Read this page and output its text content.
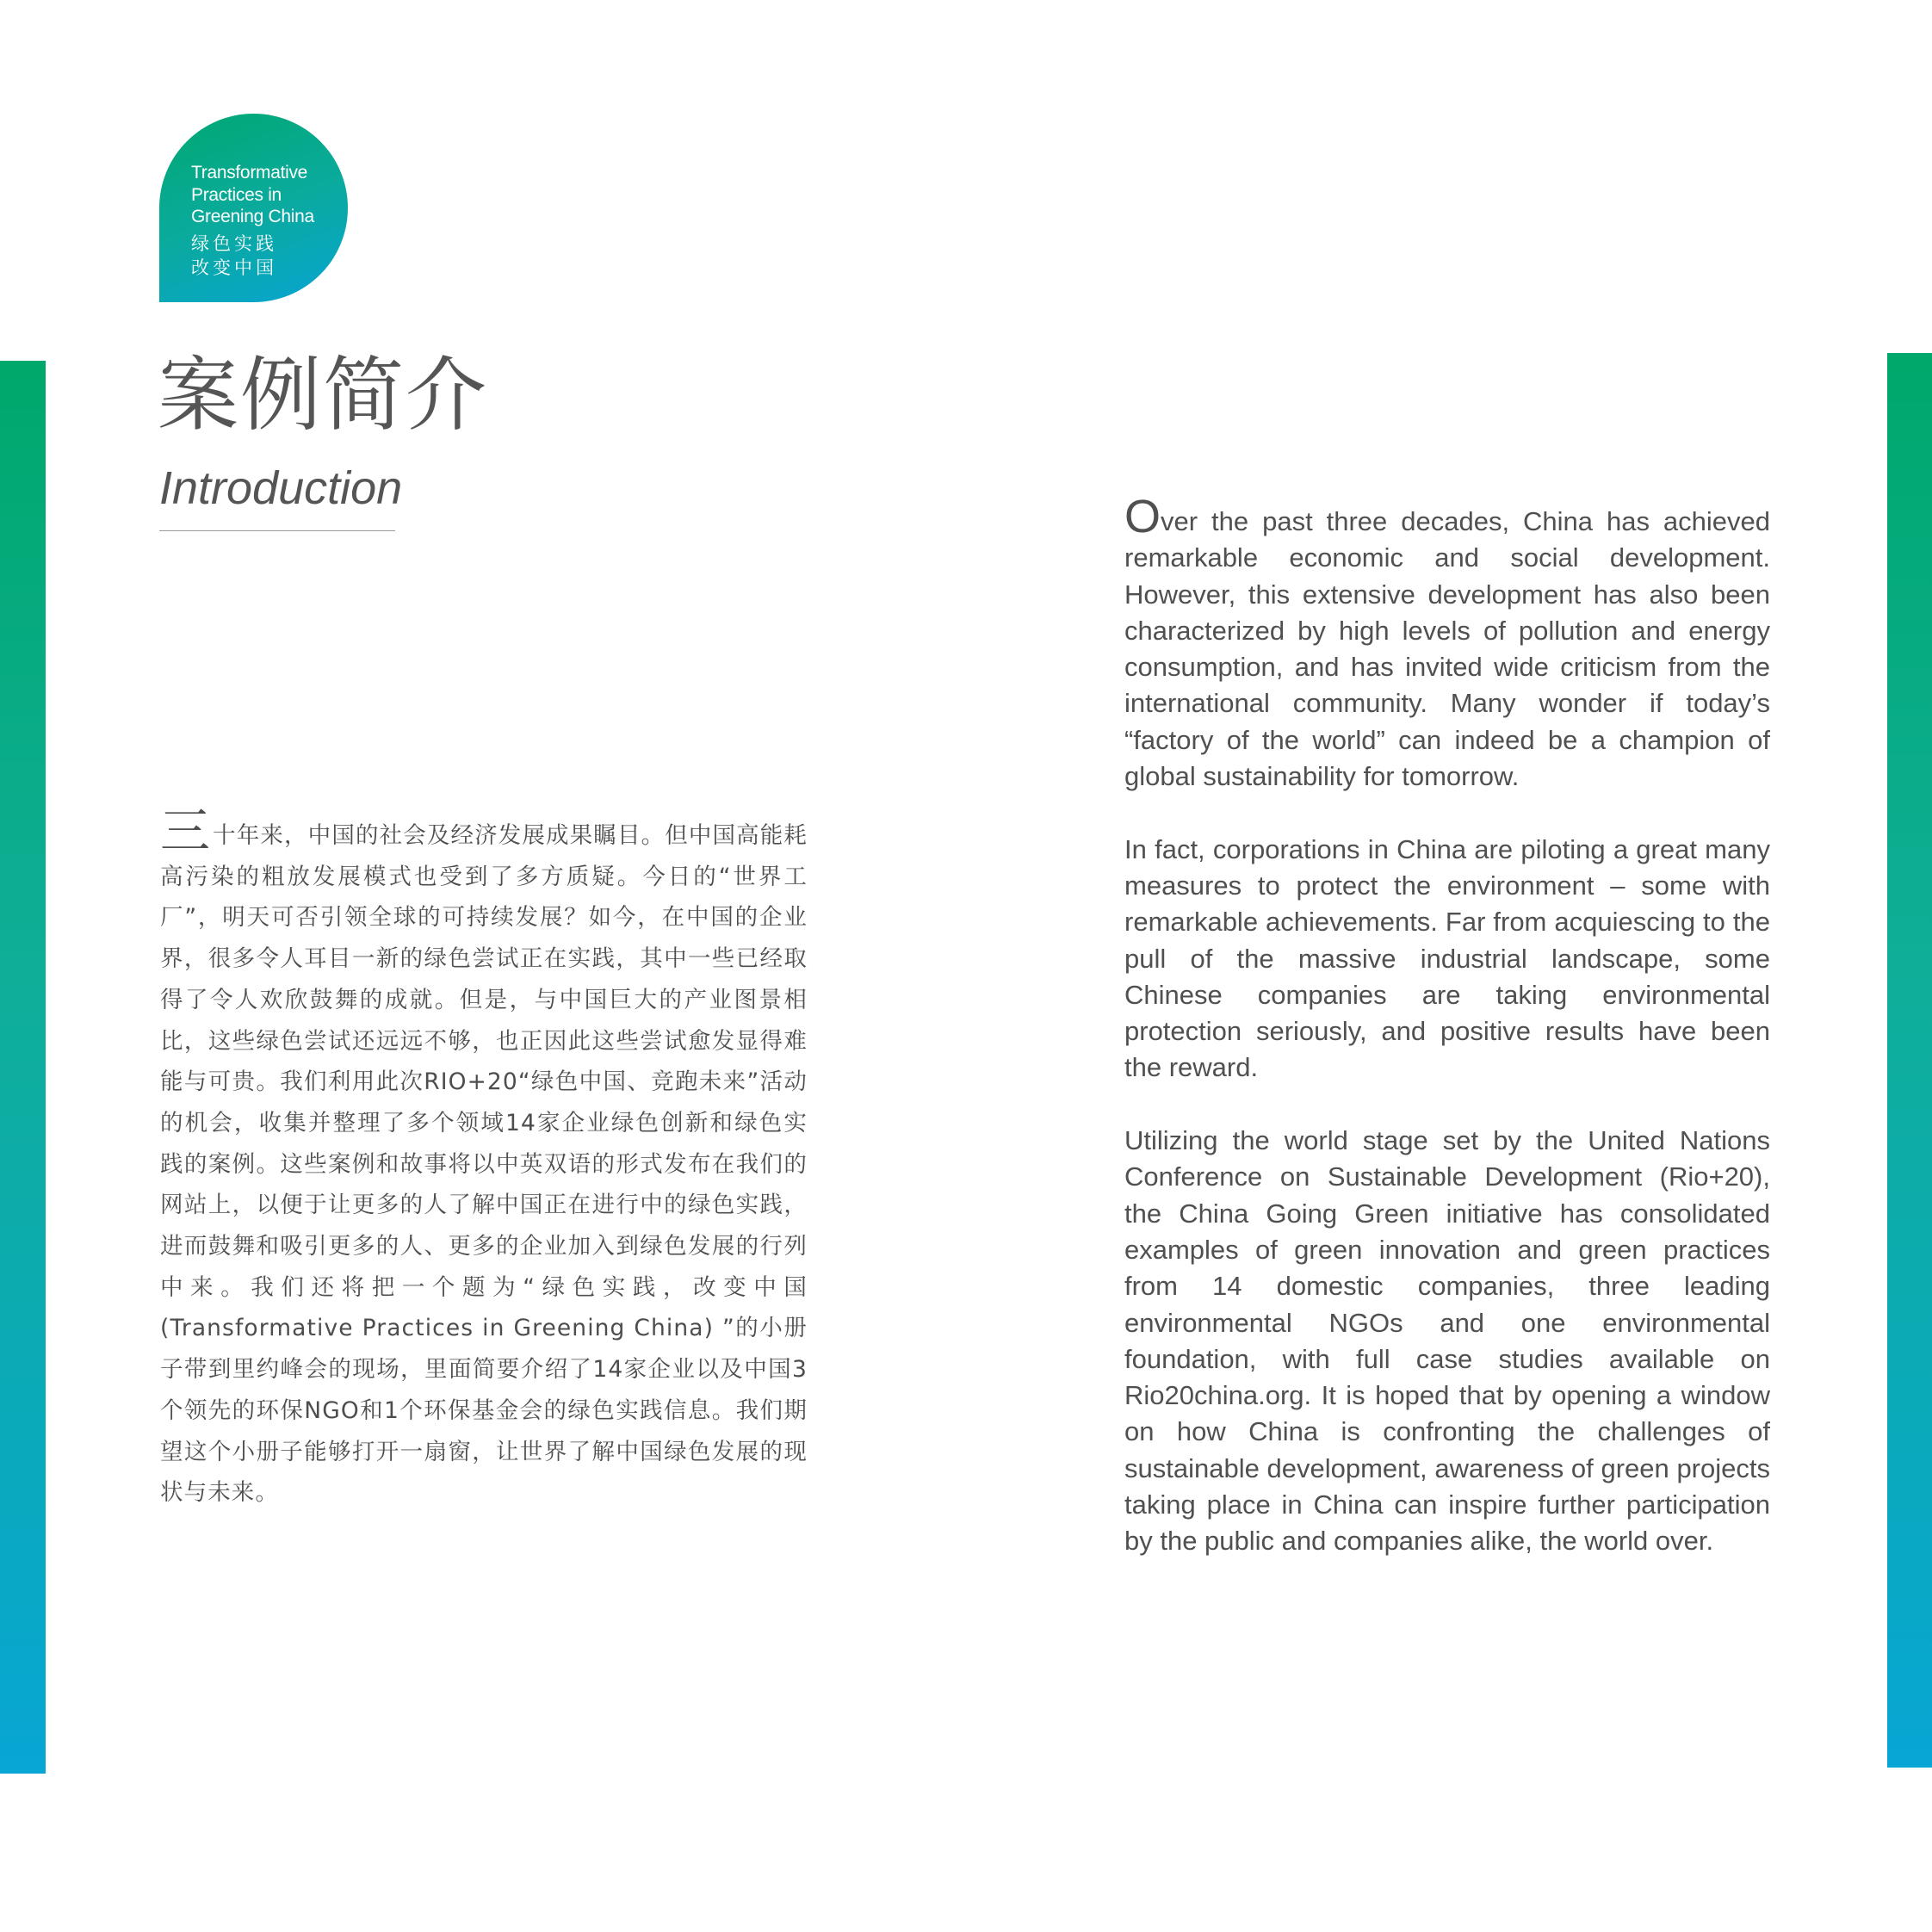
Transformative
Practices in
Greening China
绿色实践
改变中国
案例简介
Introduction

三十年来，中国的社会及经济发展成果瞩目。但中国高能耗高污染的粗放发展模式也受到了多方质疑。今日的“世界工厂”，明天可否引领全球的可持续发展？如今，在中国的企业界，很多令人耳目一新的绿色尝试正在实践，其中一些已经取得了令人欢欣鼓舞的成就。但是，与中国巨大的产业图景相比，这些绿色尝试还远远不够，也正因此这些尝试愈发显得难能与可贵。我们利用此次RIO+20“绿色中国、竞跑未来”活动的机会，收集并整理了多个领域14家企业绿色创新和绿色实践的案例。这些案例和故事将以中英双语的形式发布在我们的网站上，以便于让更多的人了解中国正在进行中的绿色实践，进而鼓舞和吸引更多的人、更多的企业加入到绿色发展的行列中来。我们还将把一个题为“绿色实践，改变中国(Transformative Practices in Greening China) ”的小册子带到里约峰会的现场，里面简要介绍了14家企业以及中国3个领先的环保NGO和1个环保基金会的绿色实践信息。我们期望这个小册子能够打开一扇窗，让世界了解中国绿色发展的现状与未来。

Over the past three decades, China has achieved remarkable economic and social development. However, this extensive development has also been characterized by high levels of pollution and energy consumption, and has invited wide criticism from the international community. Many wonder if today’s “factory of the world” can indeed be a champion of global sustainability for tomorrow.

In fact, corporations in China are piloting a great many measures to protect the environment – some with remarkable achievements. Far from acquiescing to the pull of the massive industrial landscape, some Chinese companies are taking environmental protection seriously, and positive results have been the reward.

Utilizing the world stage set by the United Nations Conference on Sustainable Development (Rio+20), the China Going Green initiative has consolidated examples of green innovation and green practices from 14 domestic companies, three leading environmental NGOs and one environmental foundation, with full case studies available on Rio20china.org. It is hoped that by opening a window on how China is confronting the challenges of sustainable development, awareness of green projects taking place in China can inspire further participation by the public and companies alike, the world over.
